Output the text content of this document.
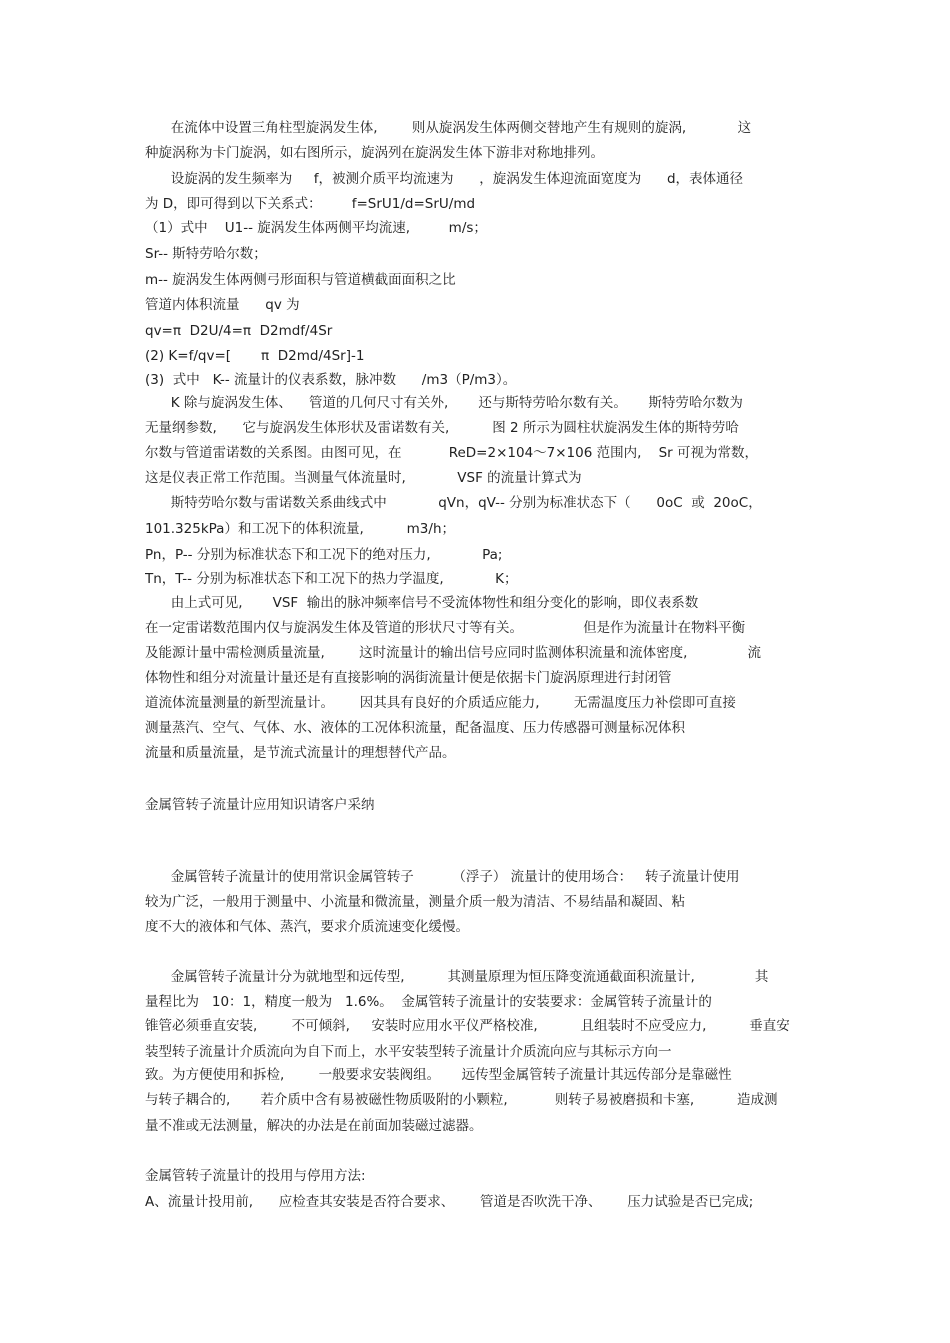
在流体中设置三角柱型旋涡发生体,        则从旋涡发生体两侧交替地产生有规则的旋涡,            这
种旋涡称为卡门旋涡，如右图所示，旋涡列在旋涡发生体下游非对称地排列。
设旋涡的发生频率为     f，被测介质平均流速为      ，旋涡发生体迎流面宽度为      d，表体通径
为 D，即可得到以下关系式：       f=SrU1/d=SrU/md
（1）式中    U1-- 旋涡发生体两侧平均流速,         m/s；
Sr-- 斯特劳哈尔数；
m-- 旋涡发生体两侧弓形面积与管道横截面面积之比
管道内体积流量      qv 为
qv=π  D2U/4=π  D2mdf/4Sr
(2) K=f/qv=[       π  D2md/4Sr]-1
(3)  式中   K-- 流量计的仪表系数，脉冲数      /m3（P/m3）。
K 除与旋涡发生体、    管道的几何尺寸有关外,       还与斯特劳哈尔数有关。     斯特劳哈尔数为
无量纲参数,      它与旋涡发生体形状及雷诺数有关,          图 2 所示为圆柱状旋涡发生体的斯特劳哈
尔数与管道雷诺数的关系图。由图可见，在           ReD=2×104～7×106 范围内,    Sr 可视为常数，
这是仪表正常工作范围。当测量气体流量时,            VSF 的流量计算式为
斯特劳哈尔数与雷诺数关系曲线式中            qVn，qV-- 分别为标准状态下（      0oC  或  20oC，
101.325kPa）和工况下的体积流量,          m3/h；
Pn，P-- 分别为标准状态下和工况下的绝对压力,            Pa;
Tn，T-- 分别为标准状态下和工况下的热力学温度,            K；
由上式可见,       VSF  输出的脉冲频率信号不受流体物性和组分变化的影响，即仪表系数
在一定雷诺数范围内仅与旋涡发生体及管道的形状尺寸等有关。              但是作为流量计在物料平衡
及能源计量中需检测质量流量,        这时流量计的输出信号应同时监测体积流量和流体密度,              流
体物性和组分对流量计量还是有直接影响的涡街流量计便是依据卡门旋涡原理进行封闭管
道流体流量测量的新型流量计。      因其具有良好的介质适应能力,        无需温度压力补偿即可直接
测量蒸汽、空气、气体、水、液体的工况体积流量，配备温度、压力传感器可测量标况体积
流量和质量流量，是节流式流量计的理想替代产品。
金属管转子流量计应用知识请客户采纳
金属管转子流量计的使用常识金属管转子         （浮子） 流量计的使用场合：   转子流量计使用
较为广泛，一般用于测量中、小流量和微流量，测量介质一般为清洁、不易结晶和凝固、粘
度不大的液体和气体、蒸汽，要求介质流速变化缓慢。
金属管转子流量计分为就地型和远传型,          其测量原理为恒压降变流通截面积流量计,              其
量程比为   10：1，精度一般为   1.6%。  金属管转子流量计的安装要求：金属管转子流量计的
锥管必须垂直安装,        不可倾斜,     安装时应用水平仪严格校准,          且组装时不应受应力,          垂直安
装型转子流量计介质流向为自下而上，水平安装型转子流量计介质流向应与其标示方向一
致。为方便使用和拆检,        一般要求安装阀组。     远传型金属管转子流量计其远传部分是靠磁性
与转子耦合的,       若介质中含有易被磁性物质吸附的小颗粒,           则转子易被磨损和卡塞,          造成测
量不准或无法测量，解决的办法是在前面加装磁过滤器。
金属管转子流量计的投用与停用方法:
A、流量计投用前,      应检查其安装是否符合要求、      管道是否吹洗干净、      压力试验是否已完成;
